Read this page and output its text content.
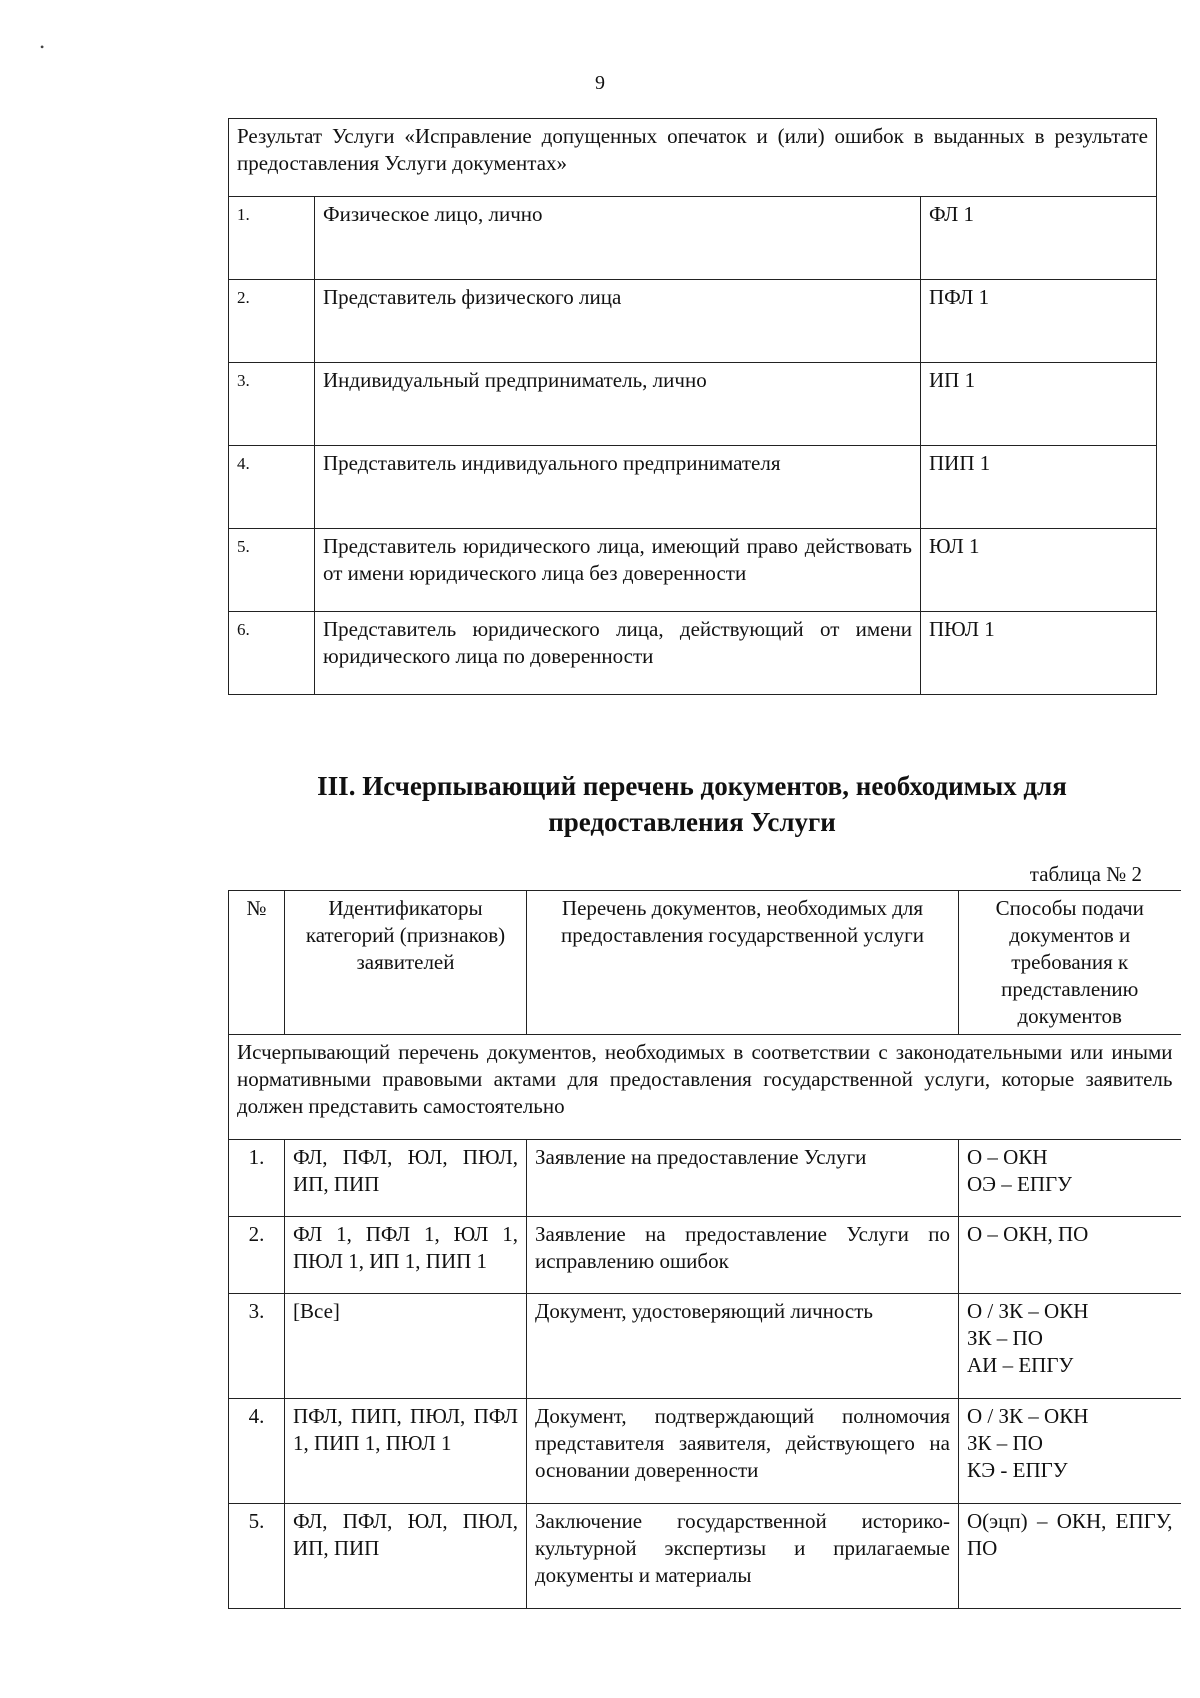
•
9
Результат Услуги «Исправление допущенных опечаток и (или) ошибок в выданных в результате предоставления Услуги документах»		
1.	Физическое лицо, лично	ФЛ 1
2.	Представитель физического лица	ПФЛ 1
3.	Индивидуальный предприниматель, лично	ИП 1
4.	Представитель индивидуального предпринимателя	ПИП 1
5.	Представитель юридического лица, имеющий право действовать от имени юридического лица без доверенности	ЮЛ 1
6.	Представитель юридического лица, действующий от имени юридического лица по доверенности	ПЮЛ 1
III. Исчерпывающий перечень документов, необходимых для предоставления Услуги
таблица № 2
№	Идентификаторы категорий (признаков) заявителей	Перечень документов, необходимых для предоставления государственной услуги	Способы подачи документов и требования к представлению документов
Исчерпывающий перечень документов, необходимых в соответствии с законодательными или иными нормативными правовыми актами для предоставления государственной услуги, которые заявитель должен представить самостоятельно			
1.	ФЛ, ПФЛ, ЮЛ, ПЮЛ, ИП, ПИП	Заявление на предоставление Услуги	О – ОКН
ОЭ – ЕПГУ

2.	ФЛ 1, ПФЛ 1, ЮЛ 1, ПЮЛ 1, ИП 1, ПИП 1	Заявление на предоставление Услуги по исправлению ошибок	О – ОКН, ПО

3.	[Все]	Документ, удостоверяющий личность	О / ЗК – ОКН
ЗК – ПО
АИ – ЕПГУ

4.	ПФЛ, ПИП, ПЮЛ, ПФЛ 1, ПИП 1, ПЮЛ 1	Документ, подтверждающий полномочия представителя заявителя, действующего на основании доверенности	О / ЗК – ОКН
ЗК – ПО
КЭ - ЕПГУ

5.	ФЛ, ПФЛ, ЮЛ, ПЮЛ, ИП, ПИП	Заключение государственной историко-культурной экспертизы и прилагаемые документы и материалы	О(эцп) – ОКН, ЕПГУ, ПО
